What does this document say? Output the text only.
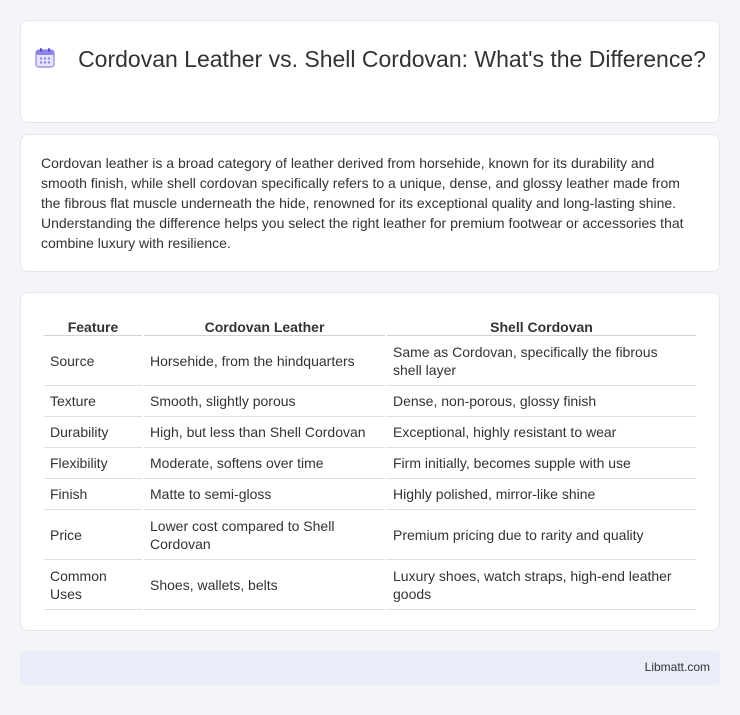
Cordovan Leather vs. Shell Cordovan: What's the Difference?

Cordovan leather is a broad category of leather derived from horsehide, known for its durability and smooth finish, while shell cordovan specifically refers to a unique, dense, and glossy leather made from the fibrous flat muscle underneath the hide, renowned for its exceptional quality and long-lasting shine. Understanding the difference helps you select the right leather for premium footwear or accessories that combine luxury with resilience.

Feature	Cordovan Leather	Shell Cordovan
Source	Horsehide, from the hindquarters	Same as Cordovan, specifically the fibrous shell layer
Texture	Smooth, slightly porous	Dense, non-porous, glossy finish
Durability	High, but less than Shell Cordovan	Exceptional, highly resistant to wear
Flexibility	Moderate, softens over time	Firm initially, becomes supple with use
Finish	Matte to semi-gloss	Highly polished, mirror-like shine
Price	Lower cost compared to Shell Cordovan	Premium pricing due to rarity and quality
Common Uses	Shoes, wallets, belts	Luxury shoes, watch straps, high-end leather goods
Libmatt.com
